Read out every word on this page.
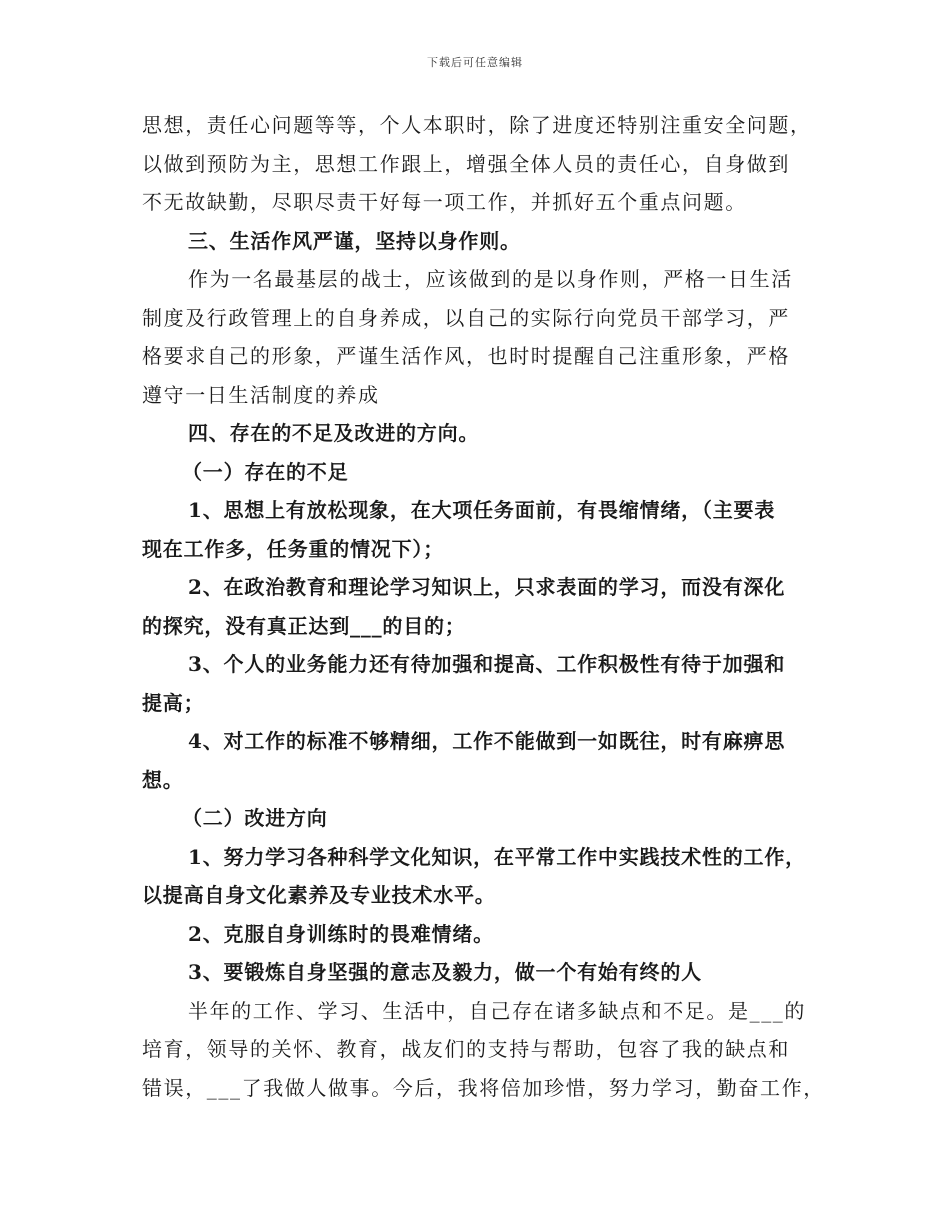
下载后可任意编辑

思想，责任心问题等等，个人本职时，除了进度还特别注重安全问题，
以做到预防为主，思想工作跟上，增强全体人员的责任心，自身做到
不无故缺勤，尽职尽责干好每一项工作，并抓好五个重点问题。

三、生活作风严谨，坚持以身作则。

作为一名最基层的战士，应该做到的是以身作则，严格一日生活
制度及行政管理上的自身养成，以自己的实际行向党员干部学习，严
格要求自己的形象，严谨生活作风，也时时提醒自己注重形象，严格
遵守一日生活制度的养成

四、存在的不足及改进的方向。

（一）存在的不足

1、思想上有放松现象，在大项任务面前，有畏缩情绪，（主要表
现在工作多，任务重的情况下）；

2、在政治教育和理论学习知识上，只求表面的学习，而没有深化
的探究，没有真正达到___的目的；

3、个人的业务能力还有待加强和提高、工作积极性有待于加强和
提高；

4、对工作的标准不够精细，工作不能做到一如既往，时有麻痹思
想。

（二）改进方向

1、努力学习各种科学文化知识，在平常工作中实践技术性的工作，
以提高自身文化素养及专业技术水平。

2、克服自身训练时的畏难情绪。

3、要锻炼自身坚强的意志及毅力，做一个有始有终的人

半年的工作、学习、生活中，自己存在诸多缺点和不足。是___的
培育，领导的关怀、教育，战友们的支持与帮助，包容了我的缺点和
错误，___了我做人做事。今后，我将倍加珍惜，努力学习，勤奋工作，
